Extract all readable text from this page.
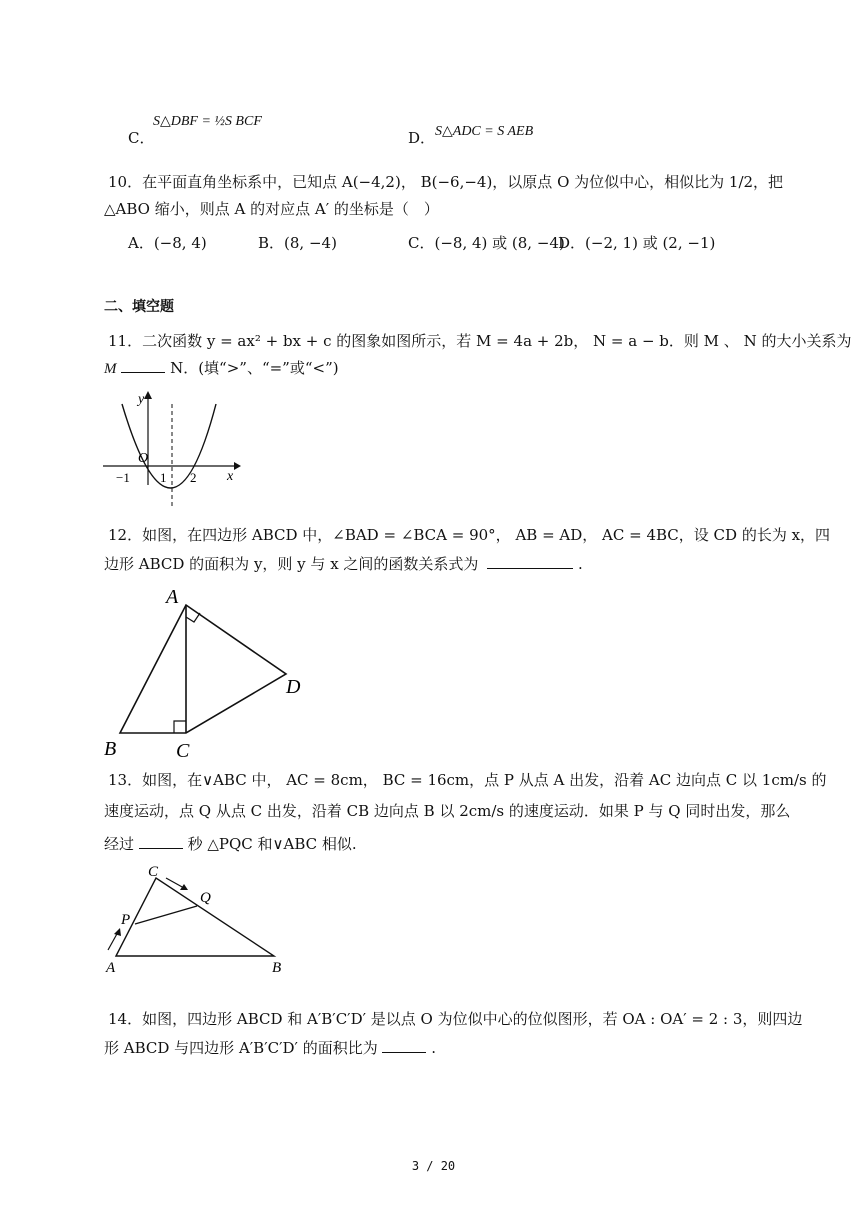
C．
S△DBF = ½S BCF
D． S△ADC = S AEB
10．在平面直角坐标系中，已知点 A(−4,2)， B(−6,−4)，以原点 O 为位似中心，相似比为 1/2，把
△ABO 缩小，则点 A 的对应点 A′ 的坐标是（　）
A．(−8, 4)	B．(8, −4)	C．(−8, 4) 或 (8, −4)
D．(−2, 1) 或 (2, −1)
二、填空题
11．二次函数 y = ax² + bx + c 的图象如图所示，若 M = 4a + 2b， N = a − b．则 M 、 N 的大小关系为
M	N．(填“>”、“=”或“<”)
y
x
O
−1 1 2
12．如图，在四边形 ABCD 中，∠BAD = ∠BCA = 90°， AB = AD， AC = 4BC，设 CD 的长为 x，四
边形 ABCD 的面积为 y，则 y 与 x 之间的函数关系式为	.
A
B	C
D
13．如图，在∨ABC 中， AC = 8cm， BC = 16cm，点 P 从点 A 出发，沿着 AC 边向点 C 以 1cm/s 的
速度运动，点 Q 从点 C 出发，沿着 CB 边向点 B 以 2cm/s 的速度运动．如果 P 与 Q 同时出发，那么
经过	秒 △PQC 和∨ABC 相似.
C
Q
P
A	B
14．如图，四边形 ABCD 和 A′B′C′D′ 是以点 O 为位似中心的位似图形，若 OA : OA′ = 2 : 3，则四边
形 ABCD 与四边形 A′B′C′D′ 的面积比为	.
3 / 20
